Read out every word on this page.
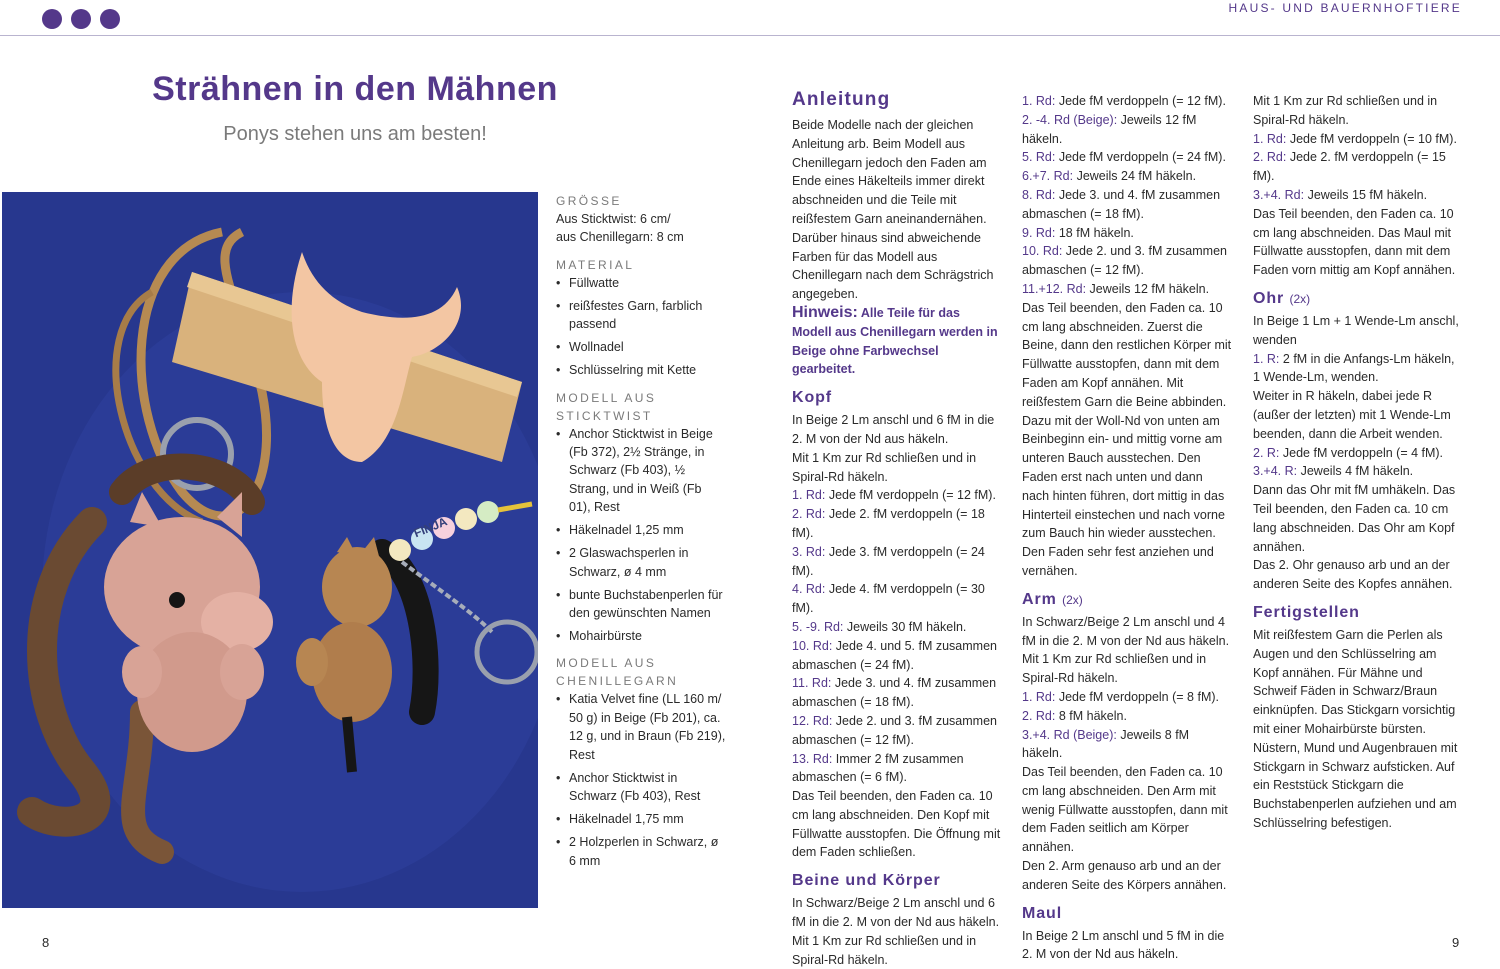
HAUS- UND BAUERNHOFTIERE
Strähnen in den Mähnen
Ponys stehen uns am besten!
FINJA
8	9
GRÖSSE
Aus Sticktwist: 6 cm/
aus Chenillegarn: 8 cm
MATERIAL
• Füllwatte
• reißfestes Garn, farblich passend
• Wollnadel
• Schlüsselring mit Kette
MODELL AUS
STICKTWIST
• Anchor Sticktwist in Beige (Fb 372), 2½ Stränge, in Schwarz (Fb 403), ½ Strang, und in Weiß (Fb 01), Rest
• Häkelnadel 1,25 mm
• 2 Glaswachsperlen in Schwarz, ø 4 mm
• bunte Buchstabenperlen für den gewünschten Namen
• Mohairbürste
MODELL AUS
CHENILLEGARN
• Katia Velvet fine (LL 160 m/ 50 g) in Beige (Fb 201), ca. 12 g, und in Braun (Fb 219), Rest
• Anchor Sticktwist in Schwarz (Fb 403), Rest
• Häkelnadel 1,75 mm
• 2 Holzperlen in Schwarz, ø 6 mm
Anleitung

Beide Modelle nach der gleichen Anleitung arb. Beim Modell aus Chenillegarn jedoch den Faden am Ende eines Häkelteils immer direkt abschneiden und die Teile mit reißfestem Garn aneinandernähen. Darüber hinaus sind abweichende Farben für das Modell aus Chenillegarn nach dem Schrägstrich angegeben.

Hinweis: Alle Teile für das Modell aus Chenillegarn werden in Beige ohne Farbwechsel gearbeitet.

Kopf

In Beige 2 Lm anschl und 6 fM in die 2. M von der Nd aus häkeln.

Mit 1 Km zur Rd schließen und in Spiral-Rd häkeln.

1. Rd: Jede fM verdoppeln (= 12 fM).

2. Rd: Jede 2. fM verdoppeln (= 18 fM).

3. Rd: Jede 3. fM verdoppeln (= 24 fM).

4. Rd: Jede 4. fM verdoppeln (= 30 fM).

5. -9. Rd: Jeweils 30 fM häkeln.

10. Rd: Jede 4. und 5. fM zusammen abmaschen (= 24 fM).

11. Rd: Jede 3. und 4. fM zusammen abmaschen (= 18 fM).

12. Rd: Jede 2. und 3. fM zusammen abmaschen (= 12 fM).

13. Rd: Immer 2 fM zusammen abmaschen (= 6 fM).

Das Teil beenden, den Faden ca. 10 cm lang abschneiden. Den Kopf mit Füllwatte ausstopfen. Die Öffnung mit dem Faden schließen.

Beine und Körper

In Schwarz/Beige 2 Lm anschl und 6 fM in die 2. M von der Nd aus häkeln. Mit 1 Km zur Rd schließen und in Spiral-Rd häkeln.

1. Rd: Jede fM verdoppeln (= 12 fM).

2. -4. Rd (Beige): Jeweils 12 fM häkeln.

5. Rd: Jede fM verdoppeln (= 24 fM).

6.+7. Rd: Jeweils 24 fM häkeln.

8. Rd: Jede 3. und 4. fM zusammen abmaschen (= 18 fM).

9. Rd: 18 fM häkeln.

10. Rd: Jede 2. und 3. fM zusammen abmaschen (= 12 fM).

11.+12. Rd: Jeweils 12 fM häkeln.

Das Teil beenden, den Faden ca. 10 cm lang abschneiden. Zuerst die Beine, dann den restlichen Körper mit Füllwatte ausstopfen, dann mit dem Faden am Kopf annähen. Mit reißfestem Garn die Beine abbinden. Dazu mit der Woll-Nd von unten am Beinbeginn ein- und mittig vorne am unteren Bauch ausstechen. Den Faden erst nach unten und dann nach hinten führen, dort mittig in das Hinterteil einstechen und nach vorne zum Bauch hin wieder ausstechen. Den Faden sehr fest anziehen und vernähen.

Arm (2x)

In Schwarz/Beige 2 Lm anschl und 4 fM in die 2. M von der Nd aus häkeln. Mit 1 Km zur Rd schließen und in Spiral-Rd häkeln.

1. Rd: Jede fM verdoppeln (= 8 fM).

2. Rd: 8 fM häkeln.

3.+4. Rd (Beige): Jeweils 8 fM häkeln.

Das Teil beenden, den Faden ca. 10 cm lang abschneiden. Den Arm mit wenig Füllwatte ausstopfen, dann mit dem Faden seitlich am Körper annähen.

Den 2. Arm genauso arb und an der anderen Seite des Körpers annähen.

Maul

In Beige 2 Lm anschl und 5 fM in die 2. M von der Nd aus häkeln.

Mit 1 Km zur Rd schließen und in Spiral-Rd häkeln.

1. Rd: Jede fM verdoppeln (= 10 fM).

2. Rd: Jede 2. fM verdoppeln (= 15 fM).

3.+4. Rd: Jeweils 15 fM häkeln.

Das Teil beenden, den Faden ca. 10 cm lang abschneiden. Das Maul mit Füllwatte ausstopfen, dann mit dem Faden vorn mittig am Kopf annähen.

Ohr (2x)

In Beige 1 Lm + 1 Wende-Lm anschl, wenden

1. R: 2 fM in die Anfangs-Lm häkeln, 1 Wende-Lm, wenden.

Weiter in R häkeln, dabei jede R (außer der letzten) mit 1 Wende-Lm beenden, dann die Arbeit wenden.

2. R: Jede fM verdoppeln (= 4 fM).

3.+4. R: Jeweils 4 fM häkeln.

Dann das Ohr mit fM umhäkeln. Das Teil beenden, den Faden ca. 10 cm lang abschneiden. Das Ohr am Kopf annähen.

Das 2. Ohr genauso arb und an der anderen Seite des Kopfes annähen.

Fertigstellen

Mit reißfestem Garn die Perlen als Augen und den Schlüsselring am Kopf annähen. Für Mähne und Schweif Fäden in Schwarz/Braun einknüpfen. Das Stickgarn vorsichtig mit einer Mohairbürste bürsten. Nüstern, Mund und Augenbrauen mit Stickgarn in Schwarz aufsticken. Auf ein Reststück Stickgarn die Buchstabenperlen aufziehen und am Schlüsselring befestigen.
